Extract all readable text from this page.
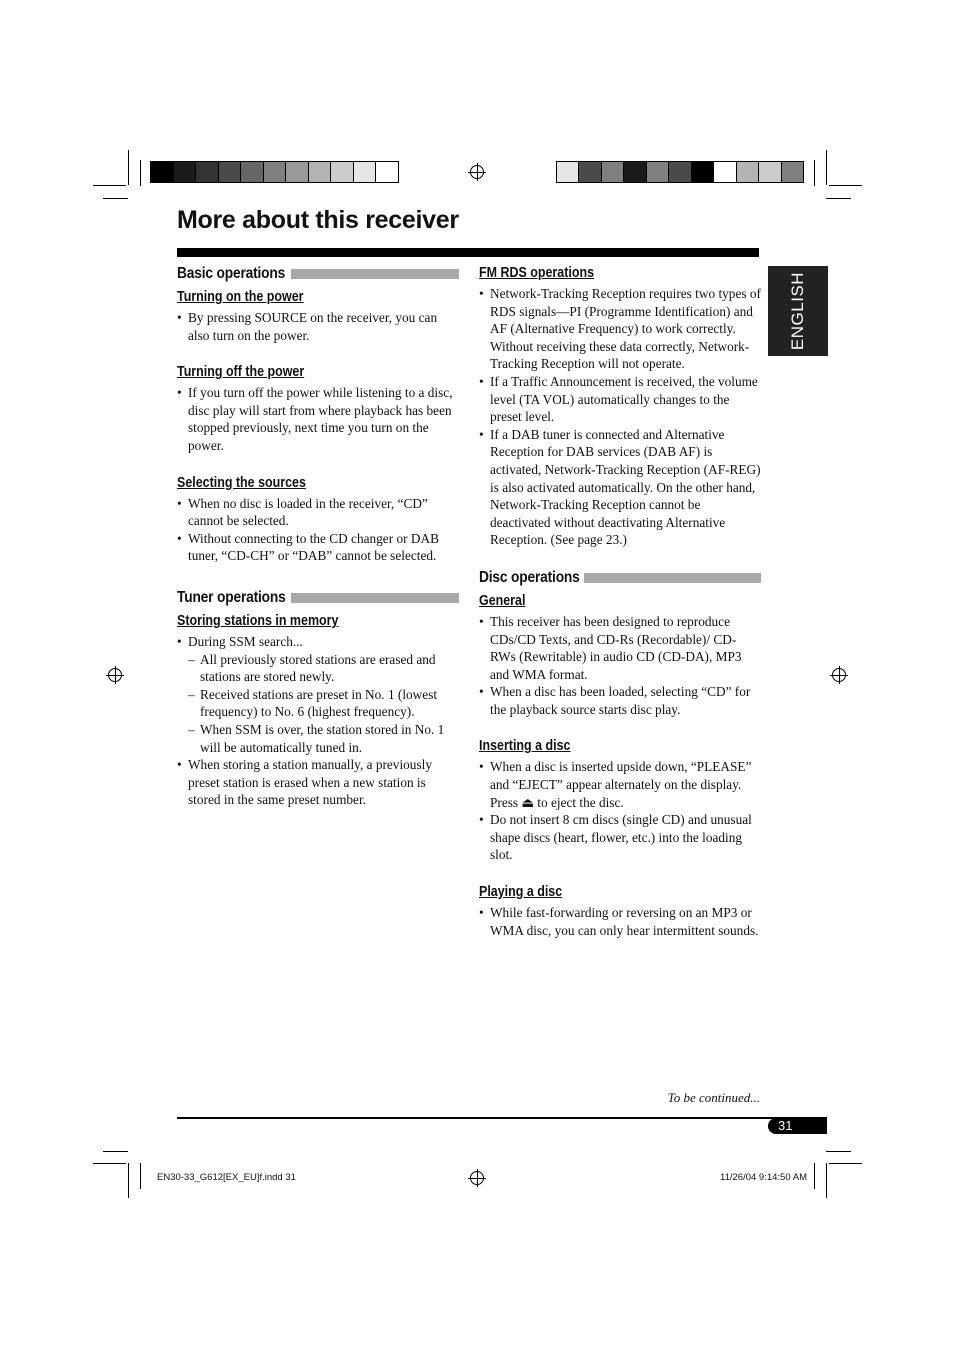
More about this receiver
ENGLISH
Basic operations
Turning on the power
• By pressing SOURCE on the receiver, you can also turn on the power.
Turning off the power
• If you turn off the power while listening to a disc, disc play will start from where playback has been stopped previously, next time you turn on the power.
Selecting the sources
• When no disc is loaded in the receiver, “CD” cannot be selected.
• Without connecting to the CD changer or DAB tuner, “CD-CH” or “DAB” cannot be selected.
Tuner operations
Storing stations in memory
• During SSM search...
– All previously stored stations are erased and stations are stored newly.
– Received stations are preset in No. 1 (lowest frequency) to No. 6 (highest frequency).
– When SSM is over, the station stored in No. 1 will be automatically tuned in.
• When storing a station manually, a previously preset station is erased when a new station is stored in the same preset number.
FM RDS operations
• Network-Tracking Reception requires two types of RDS signals—PI (Programme Identification) and AF (Alternative Frequency) to work correctly. Without receiving these data correctly, Network-Tracking Reception will not operate.
• If a Traffic Announcement is received, the volume level (TA VOL) automatically changes to the preset level.
• If a DAB tuner is connected and Alternative Reception for DAB services (DAB AF) is activated, Network-Tracking Reception (AF-REG) is also activated automatically. On the other hand, Network-Tracking Reception cannot be deactivated without deactivating Alternative Reception. (See page 23.)
Disc operations
General
• This receiver has been designed to reproduce CDs/CD Texts, and CD-Rs (Recordable)/ CD-RWs (Rewritable) in audio CD (CD-DA), MP3 and WMA format.
• When a disc has been loaded, selecting “CD” for the playback source starts disc play.
Inserting a disc
• When a disc is inserted upside down, “PLEASE” and “EJECT” appear alternately on the display. Press ⏏ to eject the disc.
• Do not insert 8 cm discs (single CD) and unusual shape discs (heart, flower, etc.) into the loading slot.
Playing a disc
• While fast-forwarding or reversing on an MP3 or WMA disc, you can only hear intermittent sounds.
To be continued...
31
EN30-33_G612[EX_EU]f.indd 31	11/26/04 9:14:50 AM
